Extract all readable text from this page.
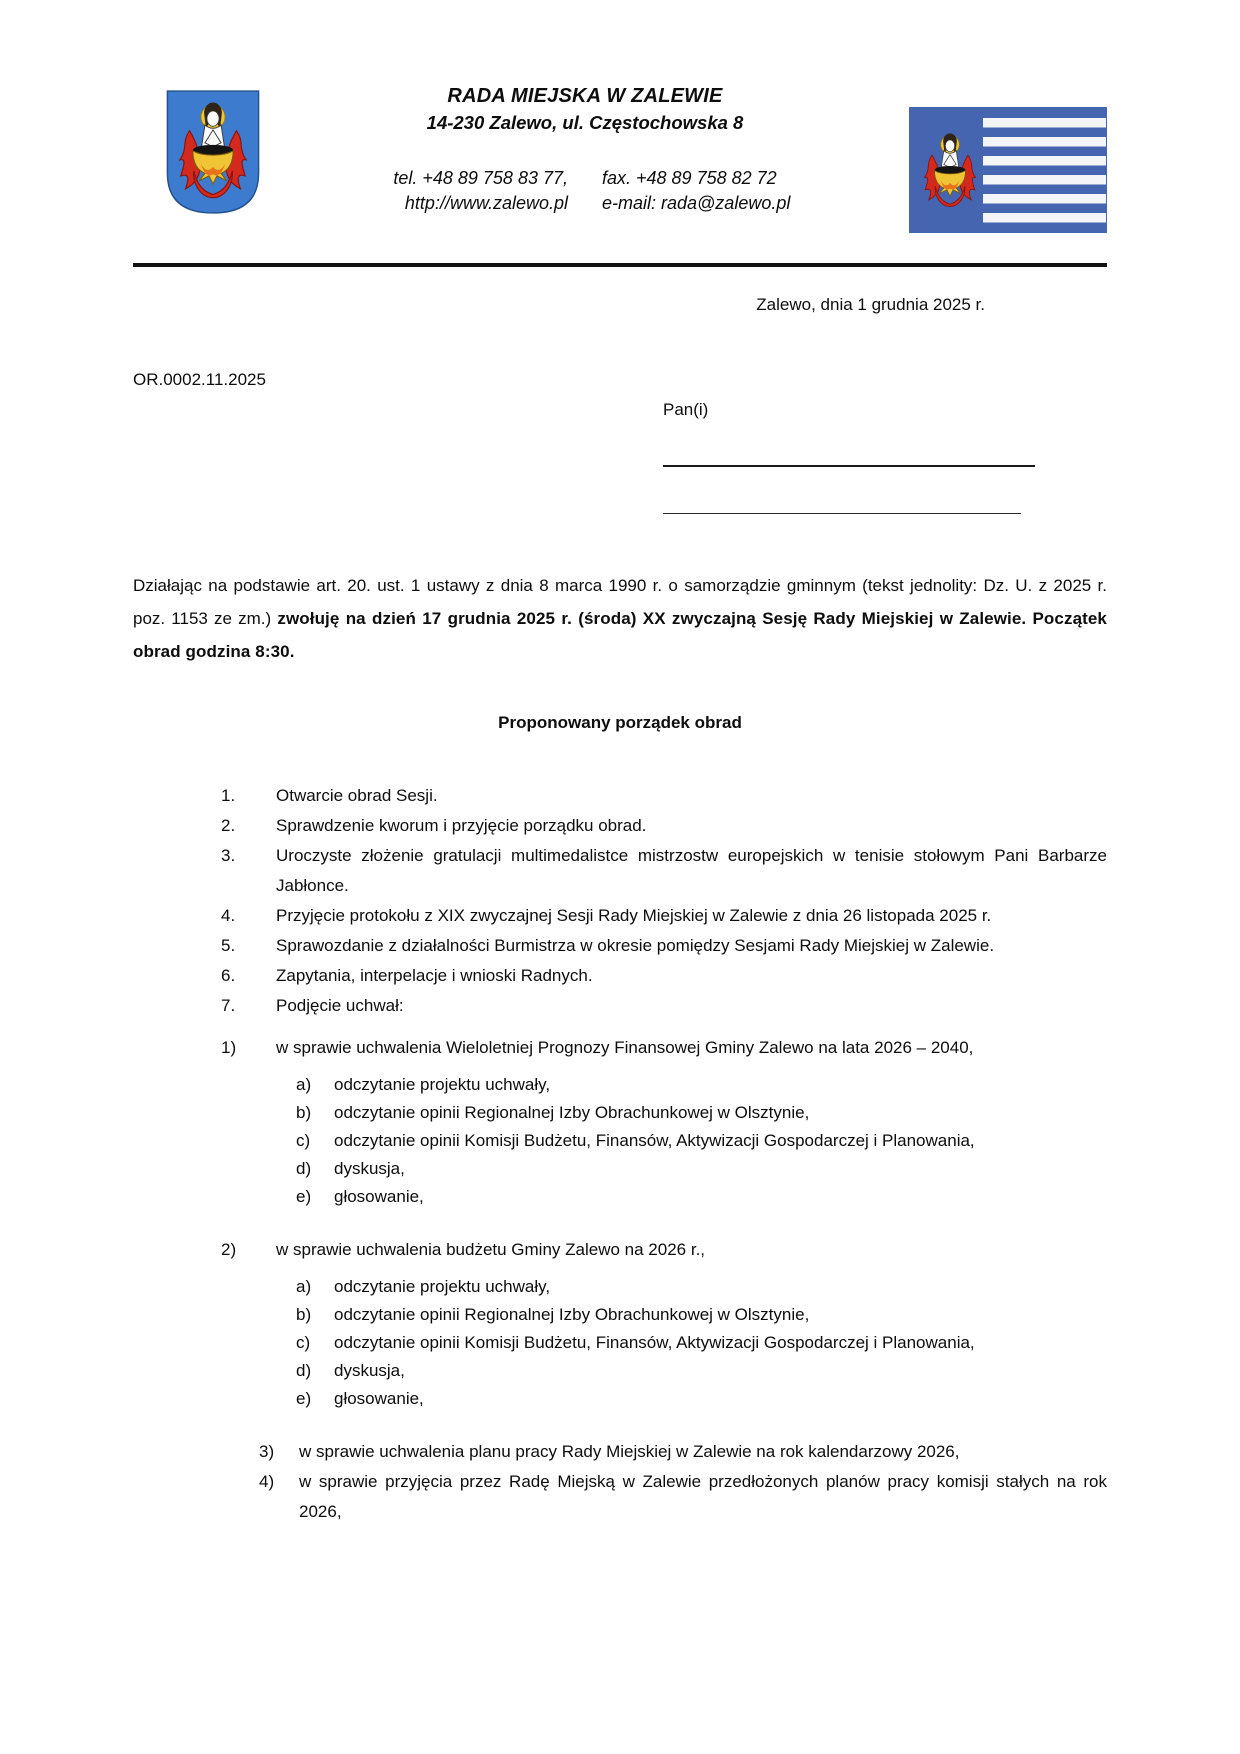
RADA MIEJSKA W ZALEWIE
14-230 Zalewo, ul. Częstochowska 8
tel. +48 89 758 83 77, fax. +48 89 758 82 72
http://www.zalewo.pl e-mail: rada@zalewo.pl
Zalewo, dnia 1 grudnia 2025 r.
OR.0002.11.2025
Pan(i)

Działając na podstawie art. 20. ust. 1 ustawy z dnia 8 marca 1990 r. o samorządzie gminnym (tekst jednolity: Dz. U. z 2025 r. poz. 1153 ze zm.) zwołuję na dzień 17 grudnia 2025 r. (środa) XX zwyczajną Sesję Rady Miejskiej w Zalewie. Początek obrad godzina 8:30.

Proponowany porządek obrad
1.	Otwarcie obrad Sesji.
2.	Sprawdzenie kworum i przyjęcie porządku obrad.
3.	Uroczyste złożenie gratulacji multimedalistce mistrzostw europejskich w tenisie stołowym Pani Barbarze Jabłonce.
4.	Przyjęcie protokołu z XIX zwyczajnej Sesji Rady Miejskiej w Zalewie z dnia 26 listopada 2025 r.
5.	Sprawozdanie z działalności Burmistrza w okresie pomiędzy Sesjami Rady Miejskiej w Zalewie.
6.	Zapytania, interpelacje i wnioski Radnych.
7.	Podjęcie uchwał:
1)	w sprawie uchwalenia Wieloletniej Prognozy Finansowej Gminy Zalewo na lata 2026 – 2040,
a)	odczytanie projektu uchwały,
b)	odczytanie opinii Regionalnej Izby Obrachunkowej w Olsztynie,
c)	odczytanie opinii Komisji Budżetu, Finansów, Aktywizacji Gospodarczej i Planowania,
d)	dyskusja,
e)	głosowanie,
2)	w sprawie uchwalenia budżetu Gminy Zalewo na 2026 r.,
a)	odczytanie projektu uchwały,
b)	odczytanie opinii Regionalnej Izby Obrachunkowej w Olsztynie,
c)	odczytanie opinii Komisji Budżetu, Finansów, Aktywizacji Gospodarczej i Planowania,
d)	dyskusja,
e)	głosowanie,
3)	w sprawie uchwalenia planu pracy Rady Miejskiej w Zalewie na rok kalendarzowy 2026,
4)	w sprawie przyjęcia przez Radę Miejską w Zalewie przedłożonych planów pracy komisji stałych na rok 2026,
